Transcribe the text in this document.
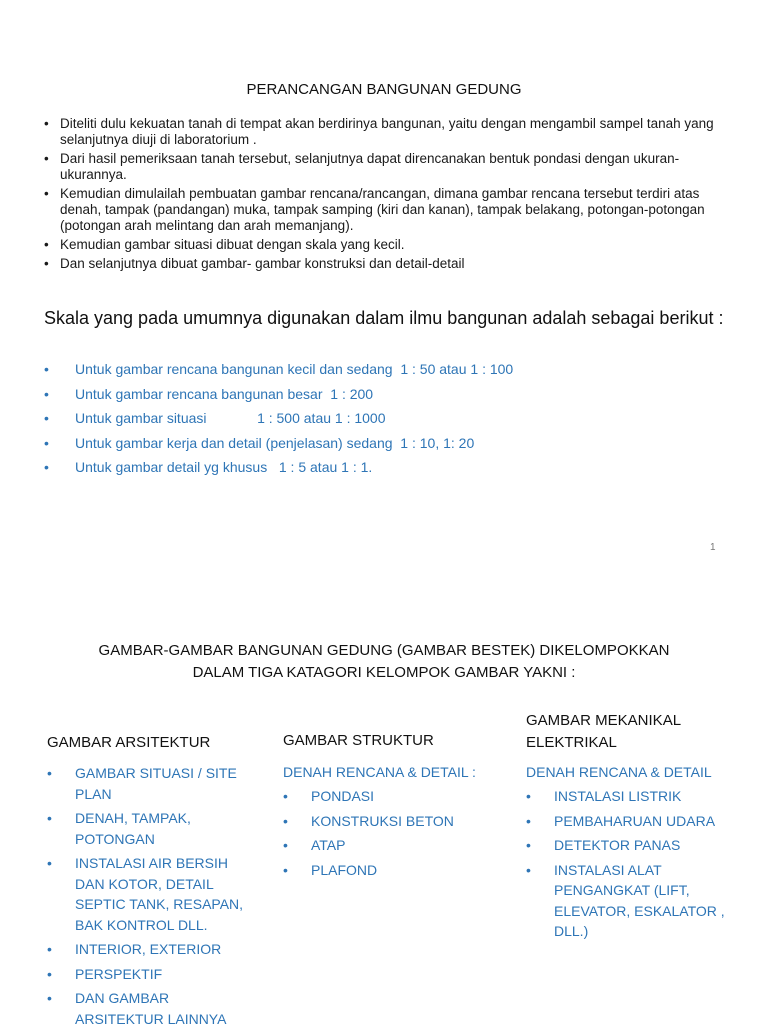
PERANCANGAN BANGUNAN GEDUNG
• Diteliti dulu kekuatan tanah di tempat akan berdirinya bangunan, yaitu dengan mengambil sampel tanah yang selanjutnya diuji di laboratorium .
• Dari hasil pemeriksaan tanah tersebut, selanjutnya dapat direncanakan bentuk pondasi dengan ukuran-ukurannya.
• Kemudian dimulailah pembuatan gambar rencana/rancangan, dimana gambar rencana tersebut terdiri atas denah, tampak (pandangan) muka, tampak samping (kiri dan kanan), tampak belakang, potongan-potongan (potongan arah melintang dan arah memanjang).
• Kemudian gambar situasi dibuat dengan skala yang kecil.
• Dan selanjutnya dibuat gambar- gambar konstruksi dan detail-detail
Skala yang pada umumnya digunakan dalam ilmu bangunan adalah sebagai berikut :
• Untuk gambar rencana bangunan kecil dan sedang  1 : 50 atau 1 : 100
• Untuk gambar rencana bangunan besar  1 : 200
• Untuk gambar situasi             1 : 500 atau 1 : 1000
• Untuk gambar kerja dan detail (penjelasan) sedang  1 : 10, 1: 20
• Untuk gambar detail yg khusus   1 : 5 atau 1 : 1.
1
GAMBAR-GAMBAR BANGUNAN GEDUNG (GAMBAR BESTEK) DIKELOMPOKKAN
DALAM TIGA KATAGORI KELOMPOK GAMBAR YAKNI :
GAMBAR ARSITEKTUR
• GAMBAR SITUASI / SITE PLAN
• DENAH, TAMPAK, POTONGAN
• INSTALASI AIR BERSIH DAN KOTOR, DETAIL SEPTIC TANK, RESAPAN, BAK KONTROL DLL.
• INTERIOR, EXTERIOR
• PERSPEKTIF
• DAN GAMBAR ARSITEKTUR LAINNYA
GAMBAR STRUKTUR
DENAH RENCANA & DETAIL :
• PONDASI
• KONSTRUKSI BETON
• ATAP
• PLAFOND
GAMBAR MEKANIKAL ELEKTRIKAL
DENAH RENCANA & DETAIL
• INSTALASI LISTRIK
• PEMBAHARUAN UDARA
• DETEKTOR PANAS
• INSTALASI ALAT PENGANGKAT (LIFT, ELEVATOR, ESKALATOR , DLL.)
